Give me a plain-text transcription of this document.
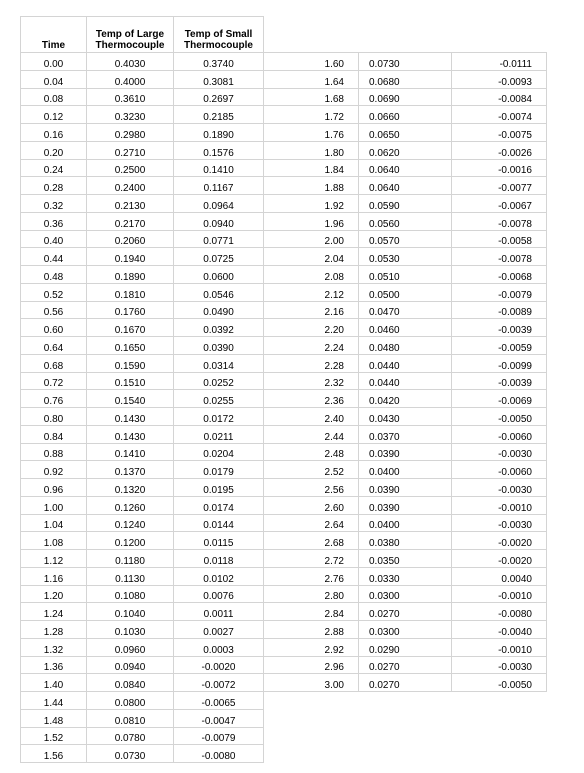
Time	Temp of Large Thermocouple	Temp of Small Thermocouple			
0.00	0.4030	0.3740	1.60	0.0730	-0.0111
0.04	0.4000	0.3081	1.64	0.0680	-0.0093
0.08	0.3610	0.2697	1.68	0.0690	-0.0084
0.12	0.3230	0.2185	1.72	0.0660	-0.0074
0.16	0.2980	0.1890	1.76	0.0650	-0.0075
0.20	0.2710	0.1576	1.80	0.0620	-0.0026
0.24	0.2500	0.1410	1.84	0.0640	-0.0016
0.28	0.2400	0.1167	1.88	0.0640	-0.0077
0.32	0.2130	0.0964	1.92	0.0590	-0.0067
0.36	0.2170	0.0940	1.96	0.0560	-0.0078
0.40	0.2060	0.0771	2.00	0.0570	-0.0058
0.44	0.1940	0.0725	2.04	0.0530	-0.0078
0.48	0.1890	0.0600	2.08	0.0510	-0.0068
0.52	0.1810	0.0546	2.12	0.0500	-0.0079
0.56	0.1760	0.0490	2.16	0.0470	-0.0089
0.60	0.1670	0.0392	2.20	0.0460	-0.0039
0.64	0.1650	0.0390	2.24	0.0480	-0.0059
0.68	0.1590	0.0314	2.28	0.0440	-0.0099
0.72	0.1510	0.0252	2.32	0.0440	-0.0039
0.76	0.1540	0.0255	2.36	0.0420	-0.0069
0.80	0.1430	0.0172	2.40	0.0430	-0.0050
0.84	0.1430	0.0211	2.44	0.0370	-0.0060
0.88	0.1410	0.0204	2.48	0.0390	-0.0030
0.92	0.1370	0.0179	2.52	0.0400	-0.0060
0.96	0.1320	0.0195	2.56	0.0390	-0.0030
1.00	0.1260	0.0174	2.60	0.0390	-0.0010
1.04	0.1240	0.0144	2.64	0.0400	-0.0030
1.08	0.1200	0.0115	2.68	0.0380	-0.0020
1.12	0.1180	0.0118	2.72	0.0350	-0.0020
1.16	0.1130	0.0102	2.76	0.0330	0.0040
1.20	0.1080	0.0076	2.80	0.0300	-0.0010
1.24	0.1040	0.0011	2.84	0.0270	-0.0080
1.28	0.1030	0.0027	2.88	0.0300	-0.0040
1.32	0.0960	0.0003	2.92	0.0290	-0.0010
1.36	0.0940	-0.0020	2.96	0.0270	-0.0030
1.40	0.0840	-0.0072	3.00	0.0270	-0.0050
1.44	0.0800	-0.0065			
1.48	0.0810	-0.0047			
1.52	0.0780	-0.0079			
1.56	0.0730	-0.0080			
